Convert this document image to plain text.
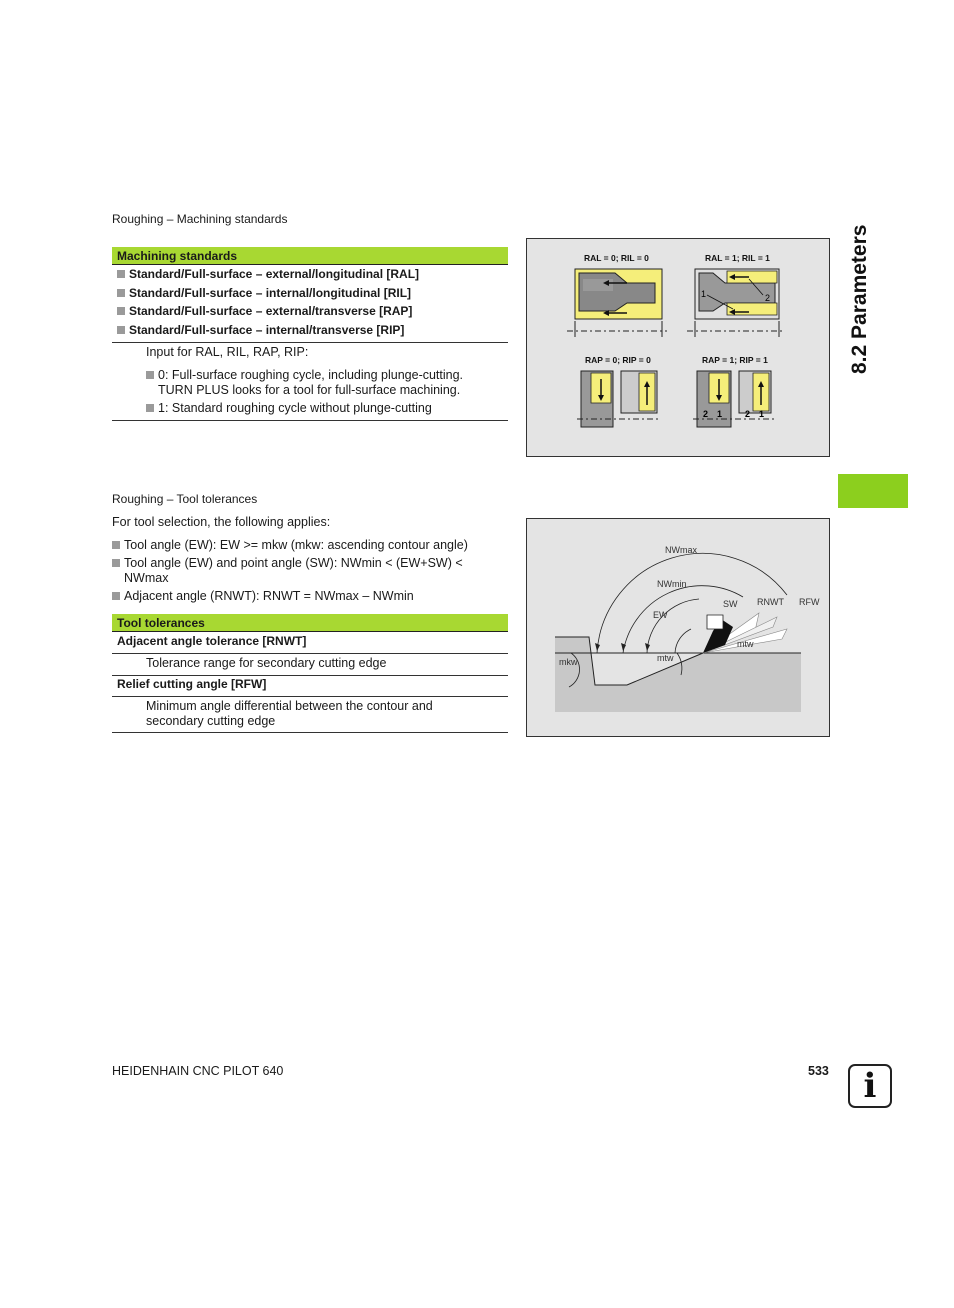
8.2 Parameters
Roughing – Machining standards
Machining standards
Standard/Full-surface – external/longitudinal [RAL]
Standard/Full-surface – internal/longitudinal [RIL]
Standard/Full-surface – external/transverse [RAP]
Standard/Full-surface – internal/transverse [RIP]
Input for RAL, RIL, RAP, RIP:
0: Full-surface roughing cycle, including plunge-cutting.
TURN PLUS looks for a tool for full-surface machining.
1: Standard roughing cycle without plunge-cutting
RAL = 0; RIL = 0	RAL = 1; RIL = 1
RAP = 0; RIP = 0	RAP = 1; RIP = 1
1	2
2 1	2 1
Roughing – Tool tolerances
For tool selection, the following applies:
Tool angle (EW): EW >= mkw (mkw: ascending contour angle)
Tool angle (EW) and point angle (SW): NWmin < (EW+SW) <
NWmax
Adjacent angle (RNWT): RNWT = NWmax – NWmin
Tool tolerances
Adjacent angle tolerance [RNWT]
Tolerance range for secondary cutting edge
Relief cutting angle [RFW]
Minimum angle differential between the contour and
secondary cutting edge
NWmax
NWmin
EW
SW RNWT RFW
mkw	mtw
mtw
HEIDENHAIN CNC PILOT 640	533	i
